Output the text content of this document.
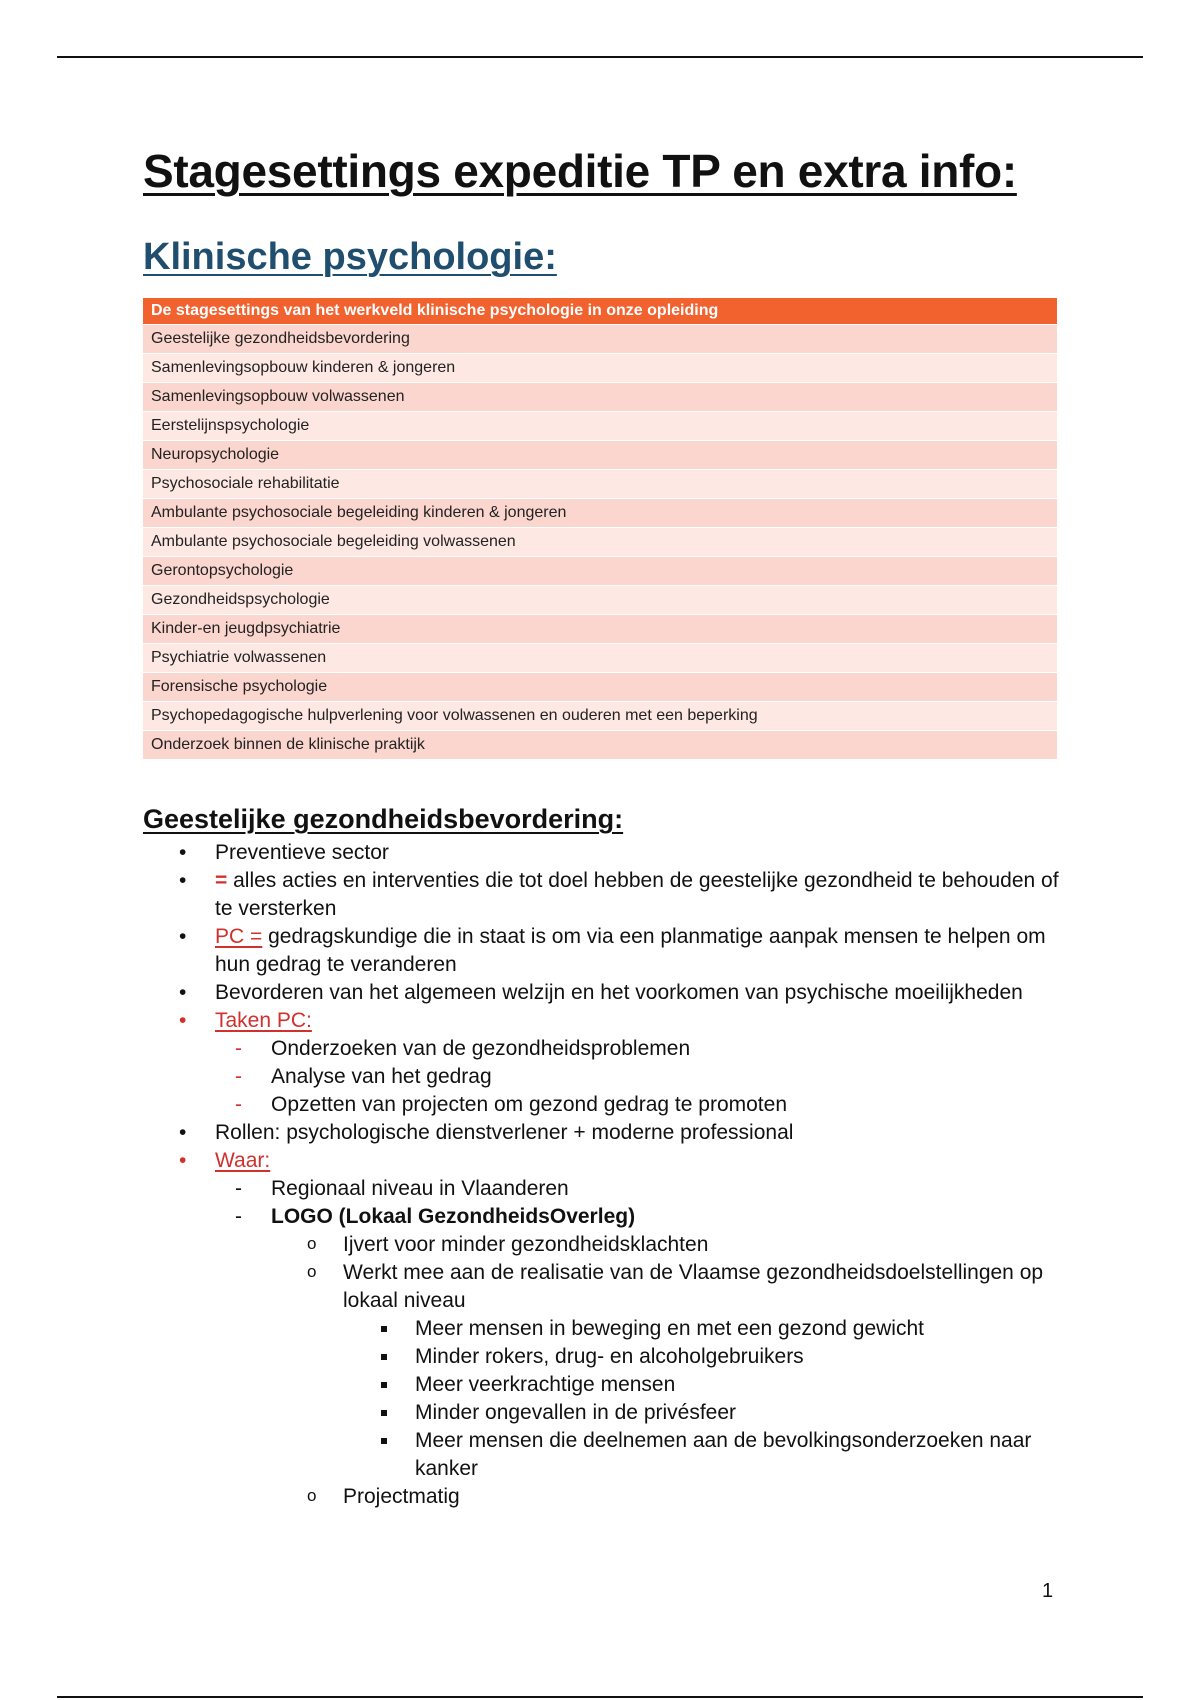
Stagesettings expeditie TP en extra info:
Klinische psychologie:
De stagesettings van het werkveld klinische psychologie in onze opleiding
Geestelijke gezondheidsbevordering
Samenlevingsopbouw kinderen & jongeren
Samenlevingsopbouw volwassenen
Eerstelijnspsychologie
Neuropsychologie
Psychosociale rehabilitatie
Ambulante psychosociale begeleiding kinderen & jongeren
Ambulante psychosociale begeleiding volwassenen
Gerontopsychologie
Gezondheidspsychologie
Kinder-en jeugdpsychiatrie
Psychiatrie volwassenen
Forensische psychologie
Psychopedagogische hulpverlening voor volwassenen en ouderen met een beperking
Onderzoek binnen de klinische praktijk
Geestelijke gezondheidsbevordering:
• Preventieve sector
• = alles acties en interventies die tot doel hebben de geestelijke gezondheid te behouden of te versterken
• PC = gedragskundige die in staat is om via een planmatige aanpak mensen te helpen om hun gedrag te veranderen
• Bevorderen van het algemeen welzijn en het voorkomen van psychische moeilijkheden
• Taken PC:
- Onderzoeken van de gezondheidsproblemen
- Analyse van het gedrag
- Opzetten van projecten om gezond gedrag te promoten
• Rollen: psychologische dienstverlener + moderne professional
• Waar:
- Regionaal niveau in Vlaanderen
- LOGO (Lokaal GezondheidsOverleg)
o Ijvert voor minder gezondheidsklachten
o Werkt mee aan de realisatie van de Vlaamse gezondheidsdoelstellingen op lokaal niveau
Meer mensen in beweging en met een gezond gewicht
Minder rokers, drug- en alcoholgebruikers
Meer veerkrachtige mensen
Minder ongevallen in de privésfeer
Meer mensen die deelnemen aan de bevolkingsonderzoeken naar kanker
o Projectmatig
1
